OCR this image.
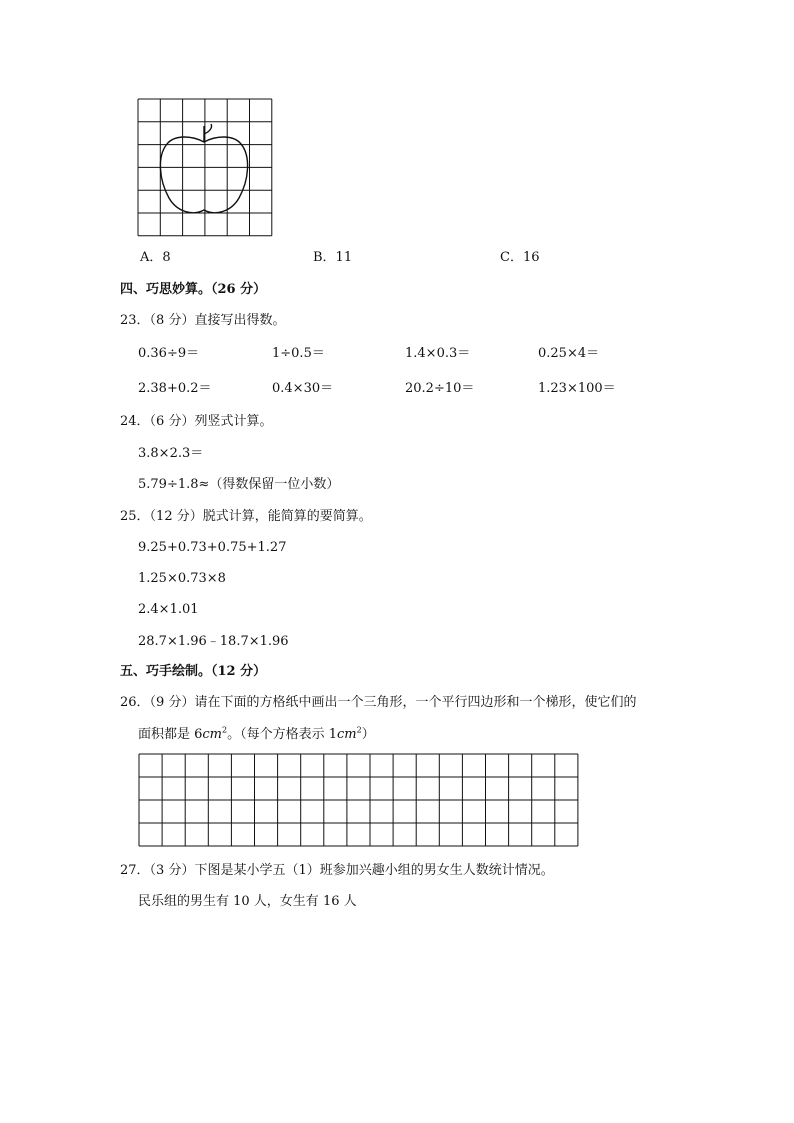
A．8	B．11	C．16
四、巧思妙算。（26 分）
23．（8 分）直接写出得数。
0.36÷9＝	1÷0.5＝	1.4×0.3＝	0.25×4＝
2.38+0.2＝	0.4×30＝	20.2÷10＝	1.23×100＝
24．（6 分）列竖式计算。
3.8×2.3＝
5.79÷1.8≈（得数保留一位小数）
25．（12 分）脱式计算，能简算的要简算。
9.25+0.73+0.75+1.27
1.25×0.73×8
2.4×1.01
28.7×1.96﹣18.7×1.96
五、巧手绘制。（12 分）
26．（9 分）请在下面的方格纸中画出一个三角形，一个平行四边形和一个梯形，使它们的
面积都是 $6cm^2$。（每个方格表示 $1cm^2$）
27．（3 分）下图是某小学五（1）班参加兴趣小组的男女生人数统计情况。
民乐组的男生有 10 人，女生有 16 人
